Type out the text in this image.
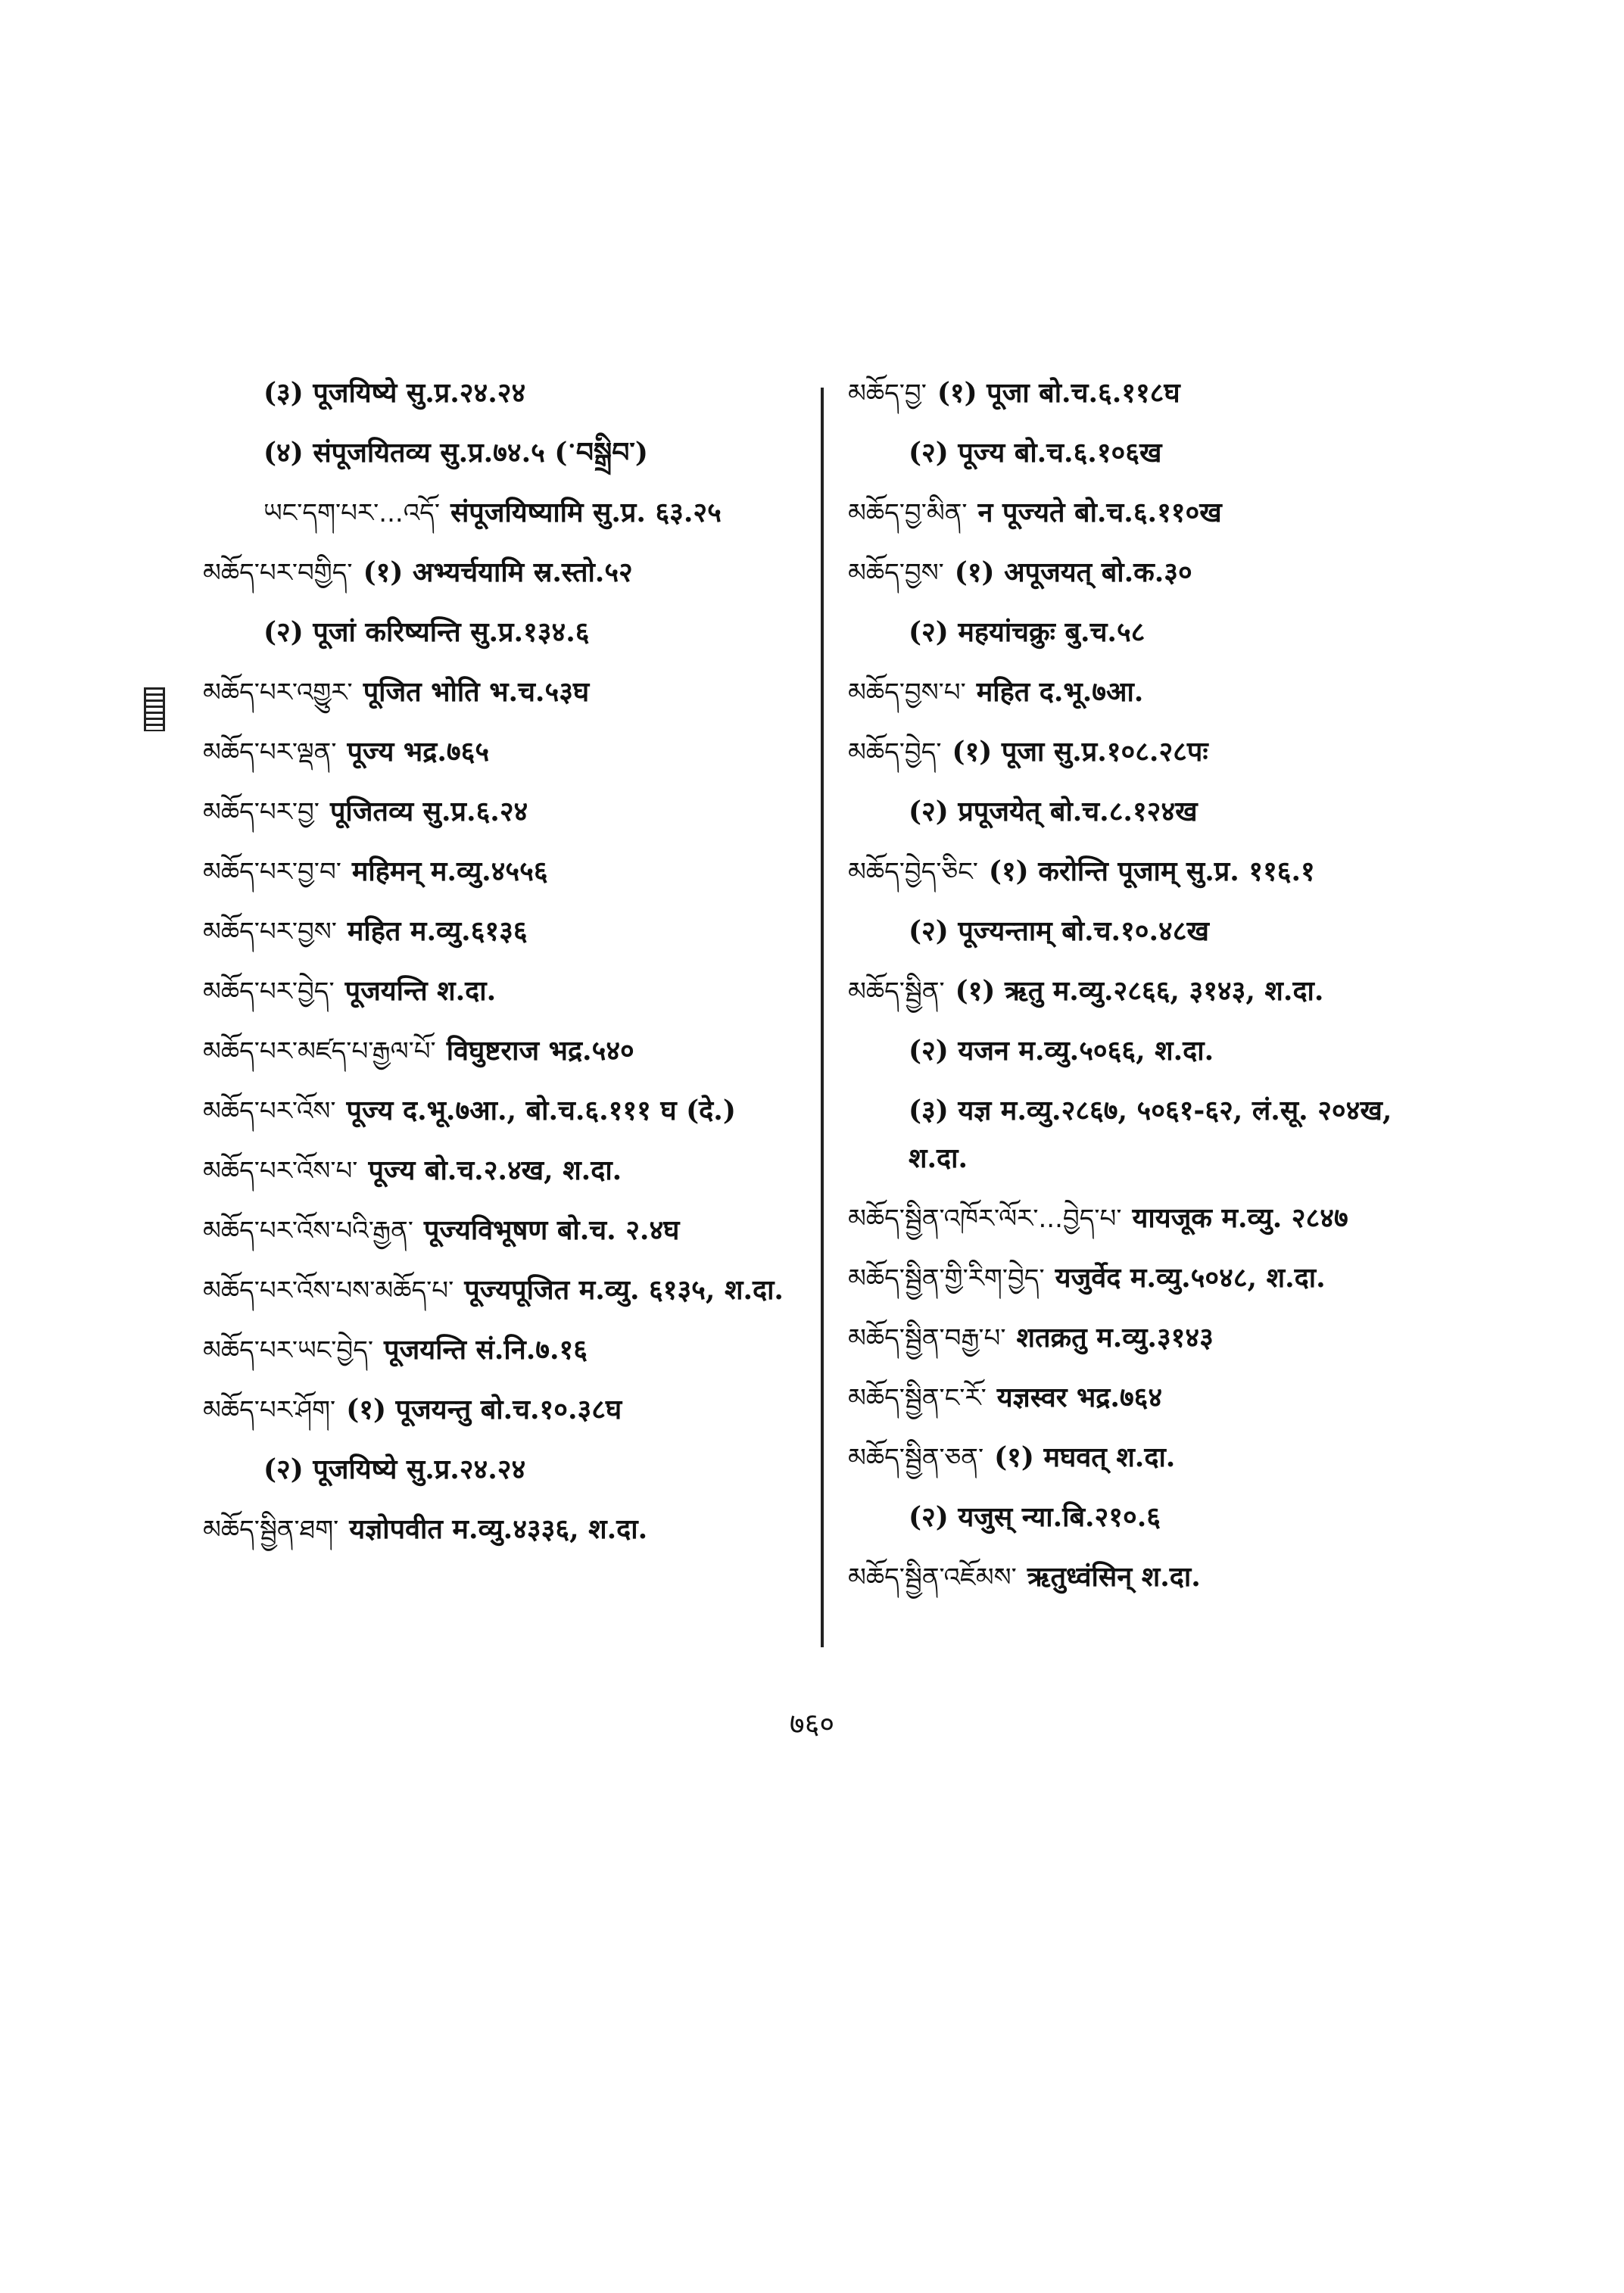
(३) पूजयिष्ये सु.प्र.२४.२४
(४) संपूजयितव्य सु.प्र.७४.५ (ॱབསྒྲིབ་)
ཡང་དག་པར་...འདོ་ संपूजयिष्यामि सु.प्र. ६३.२५
མཆོད་པར་བགྱིད་ (१) अभ्यर्चयामि स्र.स्तो.५२
(२) पूजां करिष्यन्ति सु.प्र.१३४.६
མཆོད་པར་འགྱུར་ पूजित भोति भ.च.५३घ
མཆོད་པར་ལྡན་ पूज्य भद्र.७६५
མཆོད་པར་བྱ་ पूजितव्य सु.प्र.६.२४
མཆོད་པར་བྱ་བ་ महिमन् म.व्यु.४५५६
མཆོད་པར་བྱས་ महित म.व्यु.६१३६
མཆོད་པར་བྱེད་ पूजयन्ति श.दा.
མཆོད་པར་མཛད་པ་རྒྱལ་པོ་ विघुष्टराज भद्र.५४०
མཆོད་པར་འོས་ पूज्य द.भू.७आ., बो.च.६.१११ घ (दे.)
མཆོད་པར་འོས་པ་ पूज्य बो.च.२.४ख, श.दा.
མཆོད་པར་འོས་པའི་རྒྱན་ पूज्यविभूषण बो.च. २.४घ
མཆོད་པར་འོས་པས་མཆོད་པ་ पूज्यपूजित म.व्यु. ६१३५, श.दा.
མཆོད་པར་ཡང་བྱེད་ पूजयन्ति सं.नि.७.१६
མཆོད་པར་ཤོག་ (१) पूजयन्तु बो.च.१०.३८घ
(२) पूजयिष्ये सु.प्र.२४.२४
མཆོད་སྦྱིན་ཐག་ यज्ञोपवीत म.व्यु.४३३६, श.दा.
མཆོད་བྱ་ (१) पूजा बो.च.६.११८घ
(२) पूज्य बो.च.६.१०६ख
མཆོད་བྱ་མིན་ न पूज्यते बो.च.६.११०ख
མཆོད་བྱས་ (१) अपूजयत् बो.क.३०
(२) महयांचक्रुः बु.च.५८
མཆོད་བྱས་པ་ महित द.भू.७आ.
མཆོད་བྱེད་ (१) पूजा सु.प्र.१०८.२८पः
(२) प्रपूजयेत् बो.च.८.१२४ख
མཆོད་བྱེད་ཅིང་ (१) करोन्ति पूजाम् सु.प्र. ११६.१
(२) पूज्यन्ताम् बो.च.१०.४८ख
མཆོད་སྦྱིན་ (१) ऋतु म.व्यु.२८६६, ३१४३, श.दा.
(२) यजन म.व्यु.५०६६, श.दा.
(३) यज्ञ म.व्यु.२८६७, ५०६१-६२, लं.सू. २०४ख, श.दा.
མཆོད་སྦྱིན་འཁོར་ལོར་...བྱེད་པ་ यायजूक म.व्यु. २८४७
མཆོད་སྦྱིན་གྱི་རིག་བྱེད་ यजुर्वेद म.व्यु.५०४८, श.दा.
མཆོད་སྦྱིན་བརྒྱ་པ་ शतक्रतु म.व्यु.३१४३
མཆོད་སྦྱིན་ང་རོ་ यज्ञस्वर भद्र.७६४
མཆོད་སྦྱིན་ཅན་ (१) मघवत् श.दा.
(२) यजुस् न्या.बि.२१०.६
མཆོད་སྦྱིན་འཇོམས་ ऋतुध्वंसिन् श.दा.
७६०
